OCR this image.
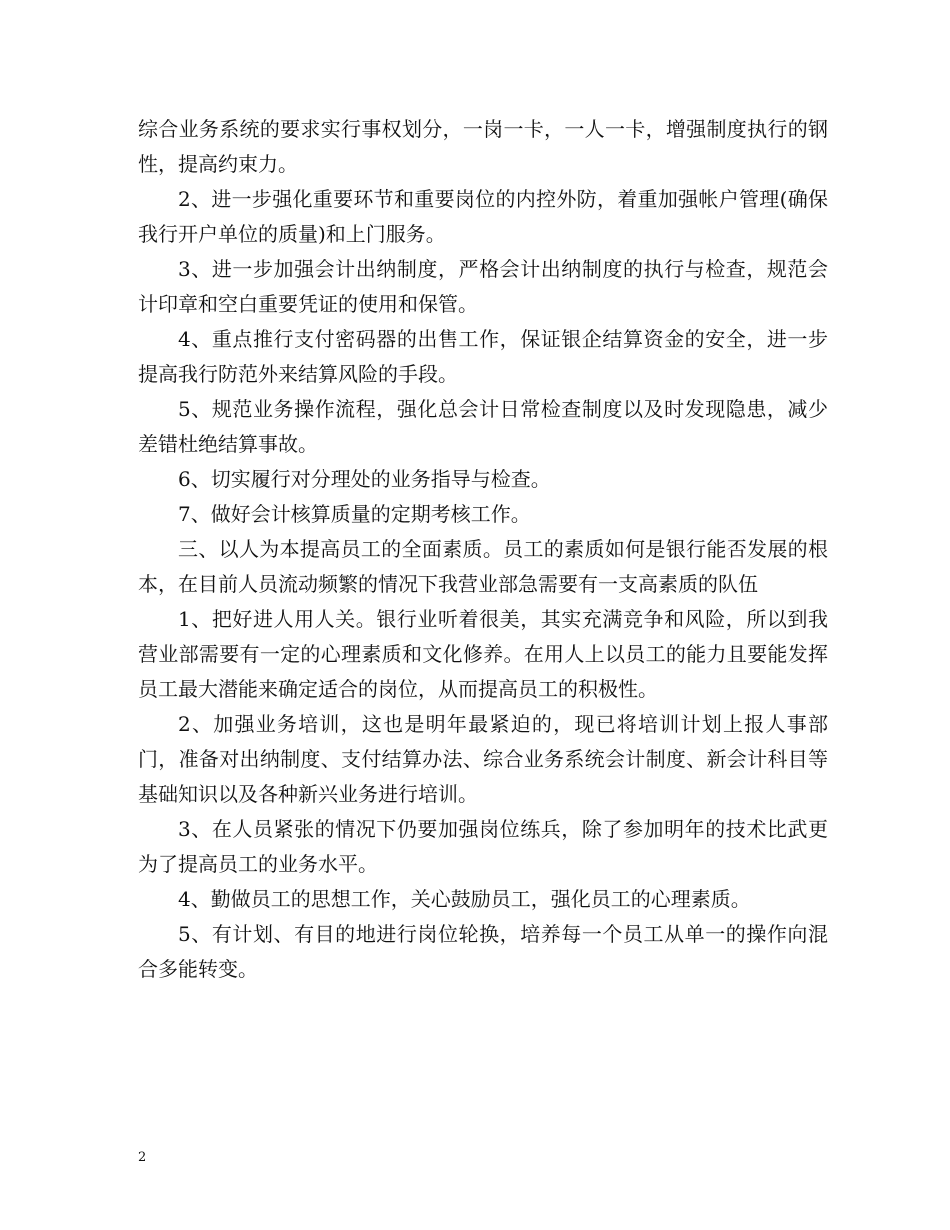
综合业务系统的要求实行事权划分，一岗一卡，一人一卡，增强制度执行的钢性，提高约束力。

2、进一步强化重要环节和重要岗位的内控外防，着重加强帐户管理(确保我行开户单位的质量)和上门服务。

3、进一步加强会计出纳制度，严格会计出纳制度的执行与检查，规范会计印章和空白重要凭证的使用和保管。

4、重点推行支付密码器的出售工作，保证银企结算资金的安全，进一步提高我行防范外来结算风险的手段。

5、规范业务操作流程，强化总会计日常检查制度以及时发现隐患，减少差错杜绝结算事故。

6、切实履行对分理处的业务指导与检查。

7、做好会计核算质量的定期考核工作。

三、以人为本提高员工的全面素质。员工的素质如何是银行能否发展的根本，在目前人员流动频繁的情况下我营业部急需要有一支高素质的队伍

1、把好进人用人关。银行业听着很美，其实充满竞争和风险，所以到我营业部需要有一定的心理素质和文化修养。在用人上以员工的能力且要能发挥员工最大潜能来确定适合的岗位，从而提高员工的积极性。

2、加强业务培训，这也是明年最紧迫的，现已将培训计划上报人事部门，准备对出纳制度、支付结算办法、综合业务系统会计制度、新会计科目等基础知识以及各种新兴业务进行培训。

3、在人员紧张的情况下仍要加强岗位练兵，除了参加明年的技术比武更为了提高员工的业务水平。

4、勤做员工的思想工作，关心鼓励员工，强化员工的心理素质。

5、有计划、有目的地进行岗位轮换，培养每一个员工从单一的操作向混合多能转变。

2
